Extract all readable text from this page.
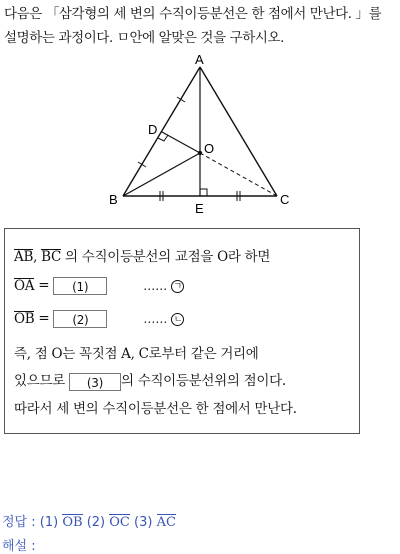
다음은 「삼각형의 세 변의 수직이등분선은 한 점에서 만난다. 」를
설명하는 과정이다. ㅁ안에 알맞은 것을 구하시오.
A
B	C
D
E
O
AB, BC 의 수직이등분선의 교점을 O라 하면
OA = (1)	…… ㄱ
OB = (2)	…… ㄴ
즉, 점 O는 꼭짓점 A, C로부터 같은 거리에
있으므로 (3) 의 수직이등분선위의 점이다.
따라서 세 변의 수직이등분선은 한 점에서 만난다.
정답 : (1) OB (2) OC (3) AC
해설 :
